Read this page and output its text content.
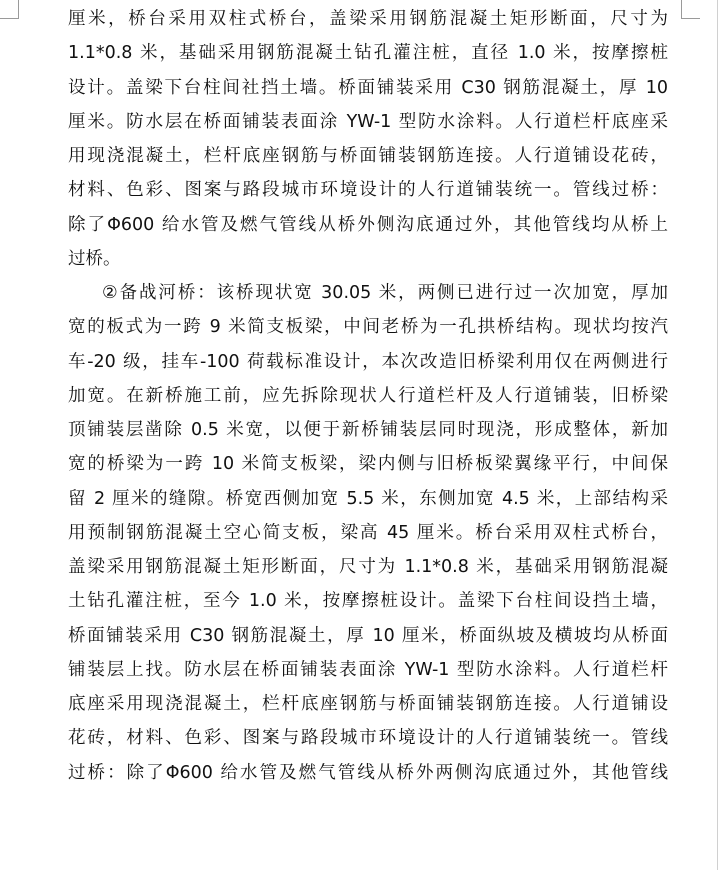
厘米，桥台采用双柱式桥台，盖梁采用钢筋混凝土矩形断面，尺寸为
1.1*0.8 米，基础采用钢筋混凝土钻孔灌注桩，直径 1.0 米，按摩擦桩
设计。盖梁下台柱间社挡土墙。桥面铺装采用 C30 钢筋混凝土，厚 10
厘米。防水层在桥面铺装表面涂 YW-1 型防水涂料。人行道栏杆底座采
用现浇混凝土，栏杆底座钢筋与桥面铺装钢筋连接。人行道铺设花砖，
材料、色彩、图案与路段城市环境设计的人行道铺装统一。管线过桥：
除了Φ600 给水管及燃气管线从桥外侧沟底通过外，其他管线均从桥上
过桥。
②备战河桥：该桥现状宽 30.05 米，两侧已进行过一次加宽，厚加
宽的板式为一跨 9 米简支板梁，中间老桥为一孔拱桥结构。现状均按汽
车-20 级，挂车-100 荷载标准设计，本次改造旧桥梁利用仅在两侧进行
加宽。在新桥施工前，应先拆除现状人行道栏杆及人行道铺装，旧桥梁
顶铺装层凿除 0.5 米宽，以便于新桥铺装层同时现浇，形成整体，新加
宽的桥梁为一跨 10 米简支板梁，梁内侧与旧桥板梁翼缘平行，中间保
留 2 厘米的缝隙。桥宽西侧加宽 5.5 米，东侧加宽 4.5 米，上部结构采
用预制钢筋混凝土空心简支板，梁高 45 厘米。桥台采用双柱式桥台，
盖梁采用钢筋混凝土矩形断面，尺寸为 1.1*0.8 米，基础采用钢筋混凝
土钻孔灌注桩，至今 1.0 米，按摩擦桩设计。盖梁下台柱间设挡土墙，
桥面铺装采用 C30 钢筋混凝土，厚 10 厘米，桥面纵坡及横坡均从桥面
铺装层上找。防水层在桥面铺装表面涂 YW-1 型防水涂料。人行道栏杆
底座采用现浇混凝土，栏杆底座钢筋与桥面铺装钢筋连接。人行道铺设
花砖，材料、色彩、图案与路段城市环境设计的人行道铺装统一。管线
过桥：除了Φ600 给水管及燃气管线从桥外两侧沟底通过外，其他管线
